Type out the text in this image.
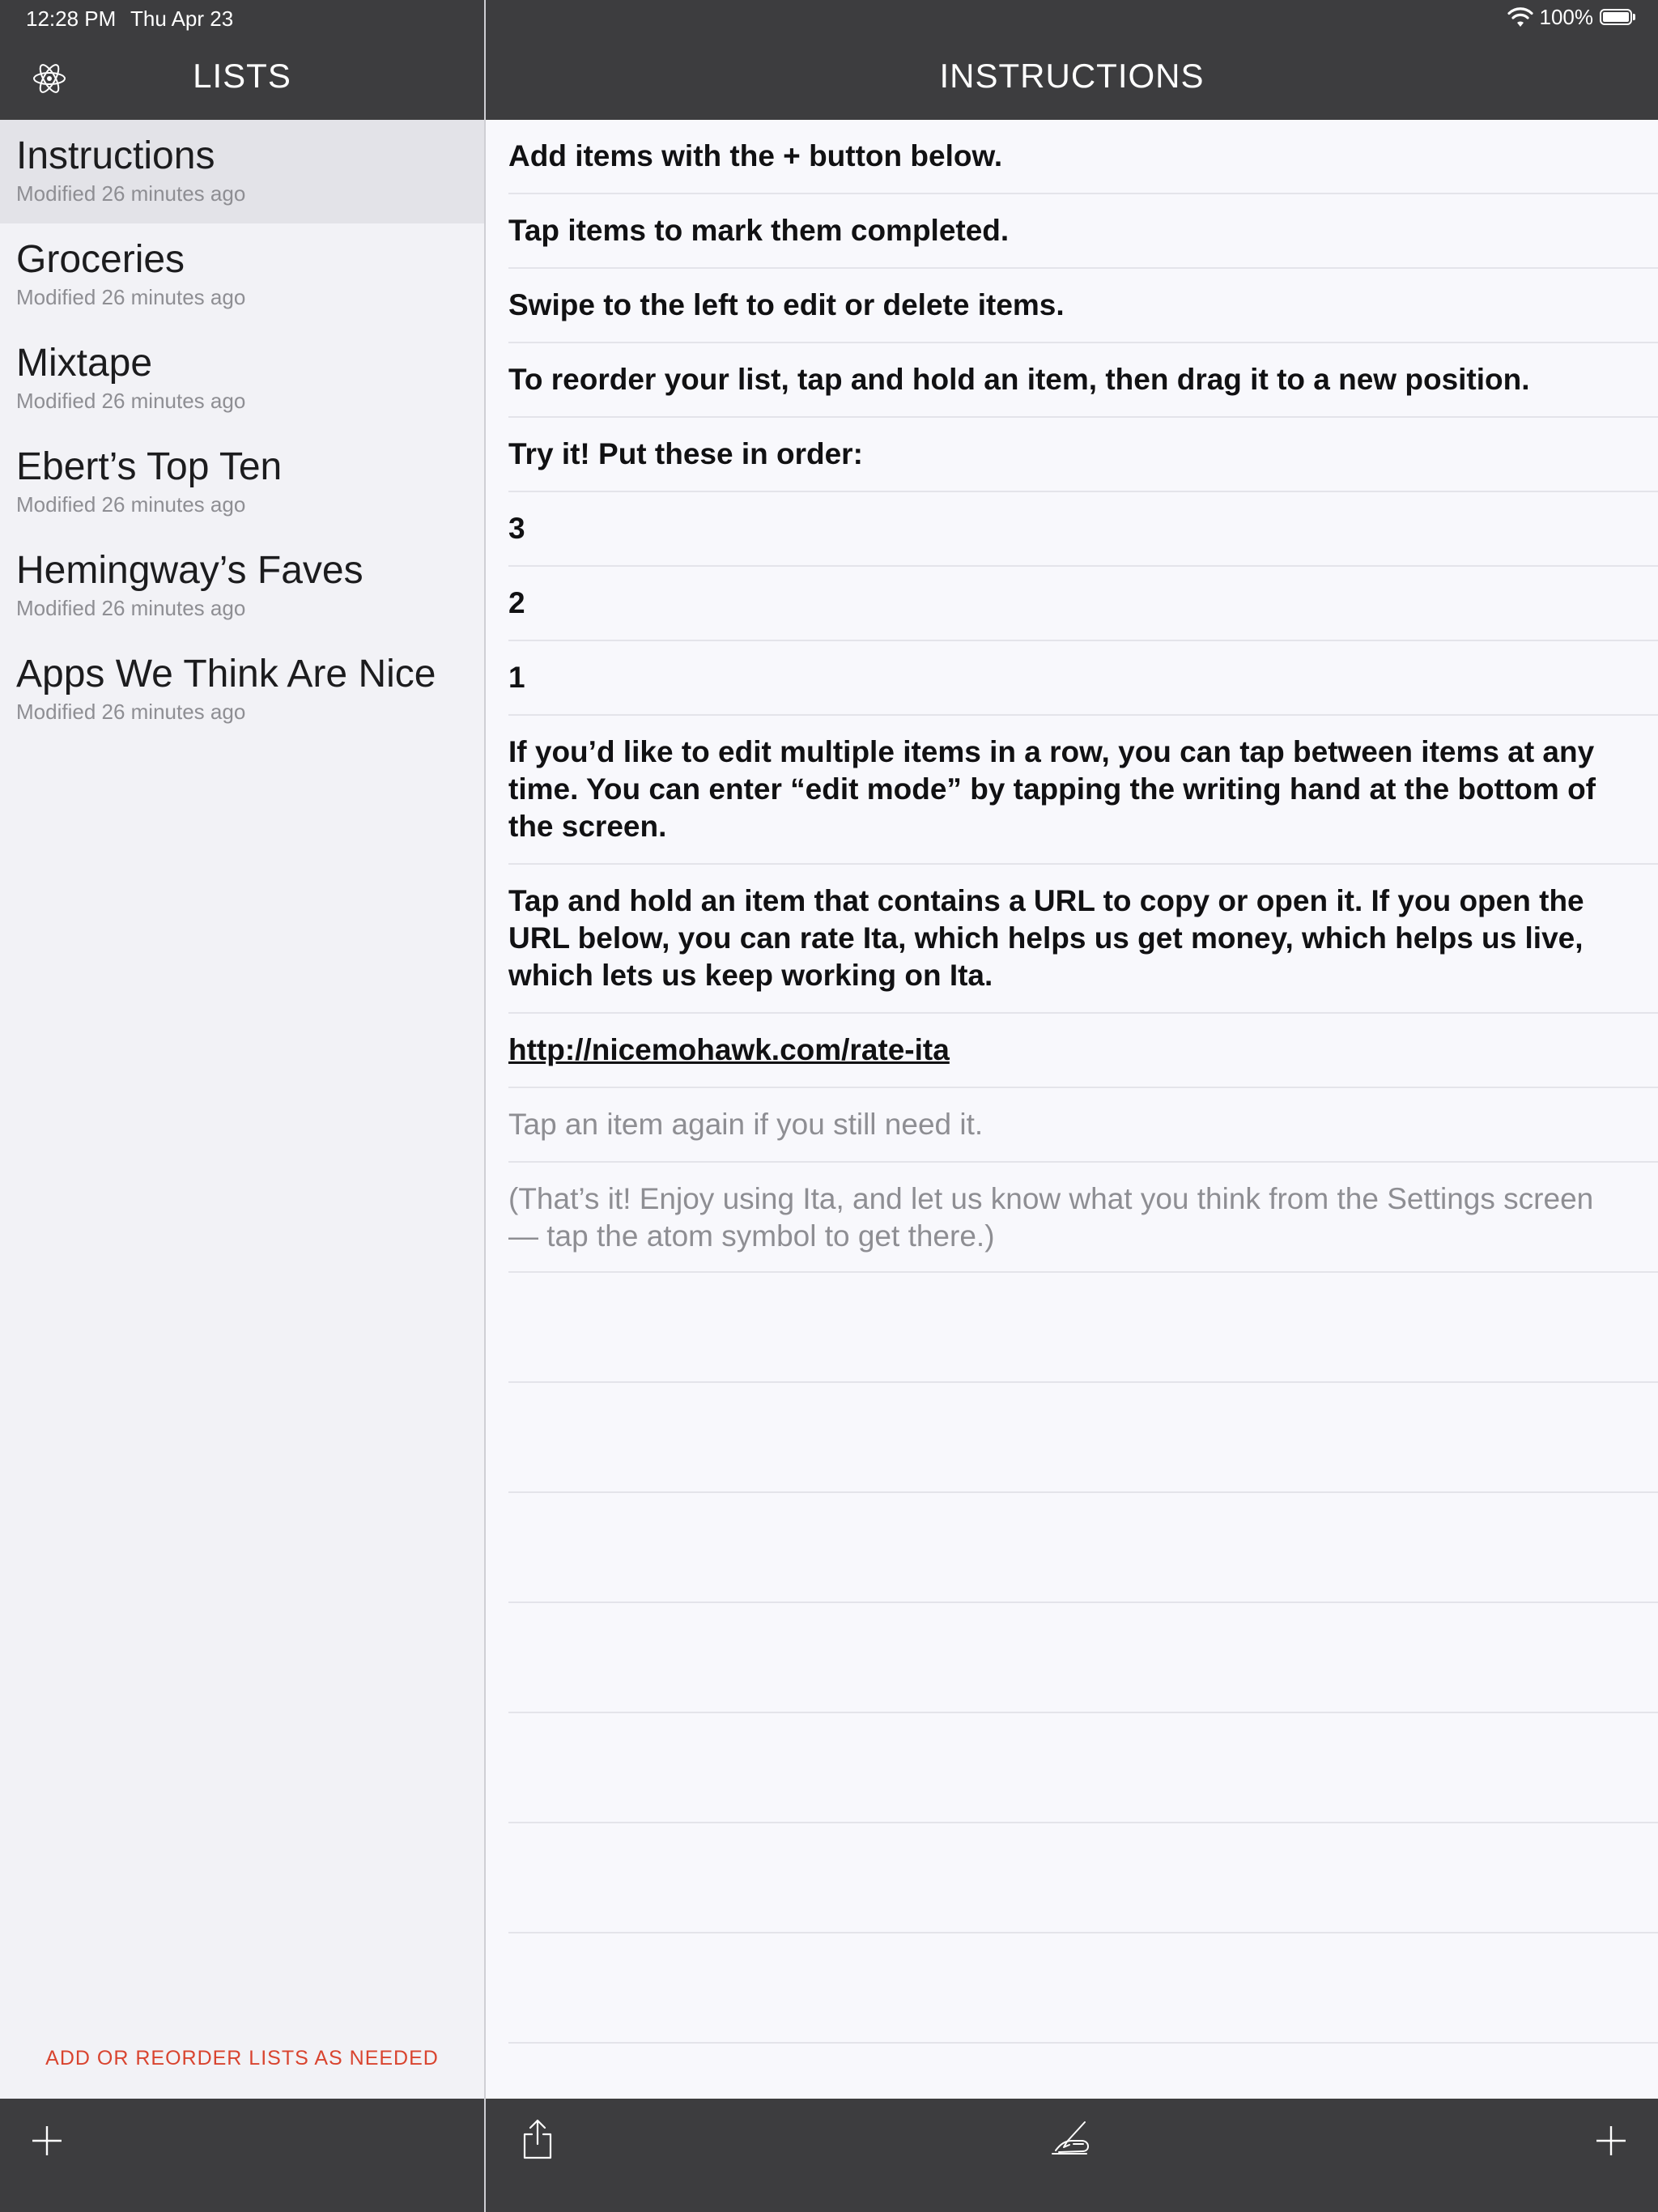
12:28 PM Thu Apr 23	100%
LISTS
Instructions
Modified 26 minutes ago
Groceries
Modified 26 minutes ago
Mixtape
Modified 26 minutes ago
Ebert’s Top Ten
Modified 26 minutes ago
Hemingway’s Faves
Modified 26 minutes ago
Apps We Think Are Nice
Modified 26 minutes ago
ADD OR REORDER LISTS AS NEEDED
INSTRUCTIONS
Add items with the + button below.
Tap items to mark them completed.
Swipe to the left to edit or delete items.
To reorder your list, tap and hold an item, then drag it to a new position.
Try it! Put these in order:
3
2
1
If you’d like to edit multiple items in a row, you can tap between items at any time. You can enter “edit mode” by tapping the writing hand at the bottom of the screen.
Tap and hold an item that contains a URL to copy or open it. If you open the URL below, you can rate Ita, which helps us get money, which helps us live, which lets us keep working on Ita.
http://nicemohawk.com/rate-ita
Tap an item again if you still need it.
(That’s it! Enjoy using Ita, and let us know what you think from the Settings screen — tap the atom symbol to get there.)
